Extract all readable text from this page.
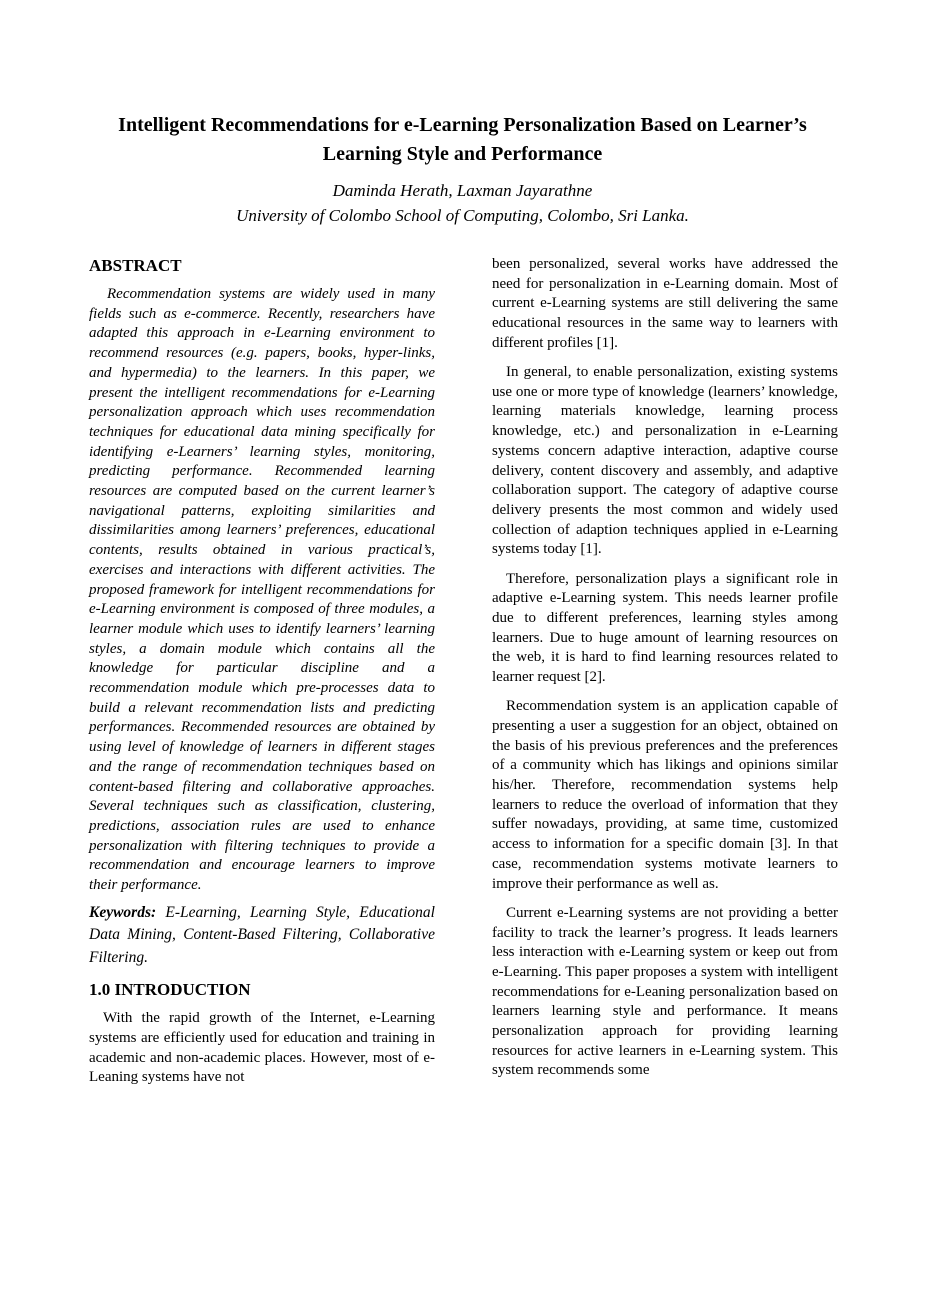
Intelligent Recommendations for e-Learning Personalization Based on Learner’s Learning Style and Performance
Daminda Herath, Laxman Jayarathne
University of Colombo School of Computing, Colombo, Sri Lanka.
ABSTRACT

Recommendation systems are widely used in many fields such as e-commerce. Recently, researchers have adapted this approach in e-Learning environment to recommend resources (e.g. papers, books, hyper-links, and hypermedia) to the learners. In this paper, we present the intelligent recommendations for e-Learning personalization approach which uses recommendation techniques for educational data mining specifically for identifying e-Learners’ learning styles, monitoring, predicting performance. Recommended learning resources are computed based on the current learner’s navigational patterns, exploiting similarities and dissimilarities among learners’ preferences, educational contents, results obtained in various practical’s, exercises and interactions with different activities. The proposed framework for intelligent recommendations for e-Learning environment is composed of three modules, a learner module which uses to identify learners’ learning styles, a domain module which contains all the knowledge for particular discipline and a recommendation module which pre-processes data to build a relevant recommendation lists and predicting performances. Recommended resources are obtained by using level of knowledge of learners in different stages and the range of recommendation techniques based on content-based filtering and collaborative approaches. Several techniques such as classification, clustering, predictions, association rules are used to enhance personalization with filtering techniques to provide a recommendation and encourage learners to improve their performance.

Keywords: E-Learning, Learning Style, Educational Data Mining, Content-Based Filtering, Collaborative Filtering.

1.0 INTRODUCTION

With the rapid growth of the Internet, e-Learning systems are efficiently used for education and training in academic and non-academic places. However, most of e-Leaning systems have not

been personalized, several works have addressed the need for personalization in e-Learning domain. Most of current e-Learning systems are still delivering the same educational resources in the same way to learners with different profiles [1].

In general, to enable personalization, existing systems use one or more type of knowledge (learners’ knowledge, learning materials knowledge, learning process knowledge, etc.) and personalization in e-Learning systems concern adaptive interaction, adaptive course delivery, content discovery and assembly, and adaptive collaboration support. The category of adaptive course delivery presents the most common and widely used collection of adaption techniques applied in e-Learning systems today [1].

Therefore, personalization plays a significant role in adaptive e-Learning system. This needs learner profile due to different preferences, learning styles among learners. Due to huge amount of learning resources on the web, it is hard to find learning resources related to learner request [2].

Recommendation system is an application capable of presenting a user a suggestion for an object, obtained on the basis of his previous preferences and the preferences of a community which has likings and opinions similar his/her. Therefore, recommendation systems help learners to reduce the overload of information that they suffer nowadays, providing, at same time, customized access to information for a specific domain [3]. In that case, recommendation systems motivate learners to improve their performance as well as.

Current e-Learning systems are not providing a better facility to track the learner’s progress. It leads learners less interaction with e-Learning system or keep out from e-Learning. This paper proposes a system with intelligent recommendations for e-Leaning personalization based on learners learning style and performance. It means personalization approach for providing learning resources for active learners in e-Learning system. This system recommends some
